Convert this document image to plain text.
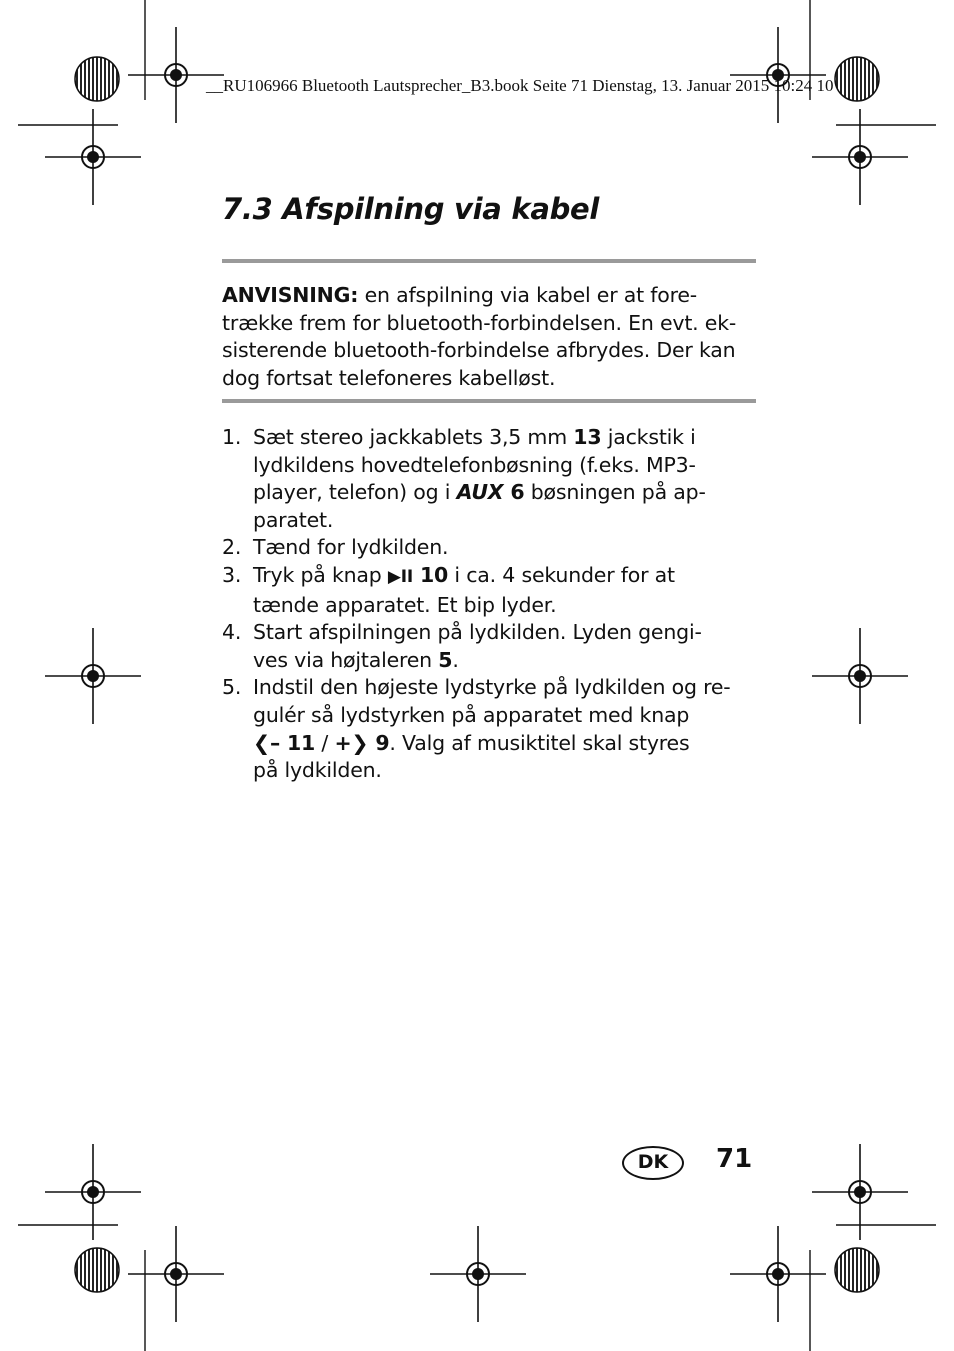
__RU106966 Bluetooth Lautsprecher_B3.book Seite 71 Dienstag, 13. Januar 2015 10:24 10
7.3 Afspilning via kabel

ANVISNING: en afspilning via kabel er at fore-
trække frem for bluetooth-forbindelsen. En evt. ek-
sisterende bluetooth-forbindelse afbrydes. Der kan
dog fortsat telefoneres kabelløst.

1. Sæt stereo jackkablets 3,5 mm 13 jackstik i
lydkildens hovedtelefonbøsning (f.eks. MP3-
player, telefon) og i AUX 6 bøsningen på ap-
paratet.
2. Tænd for lydkilden.
3. Tryk på knap ▶II 10 i ca. 4 sekunder for at
tænde apparatet. Et bip lyder.
4. Start afspilningen på lydkilden. Lyden gengi-
ves via højtaleren 5.
5. Indstil den højeste lydstyrke på lydkilden og re-
gulér så lydstyrken på apparatet med knap
❮– 11 / +❯ 9. Valg af musiktitel skal styres
på lydkilden.
DK	71
